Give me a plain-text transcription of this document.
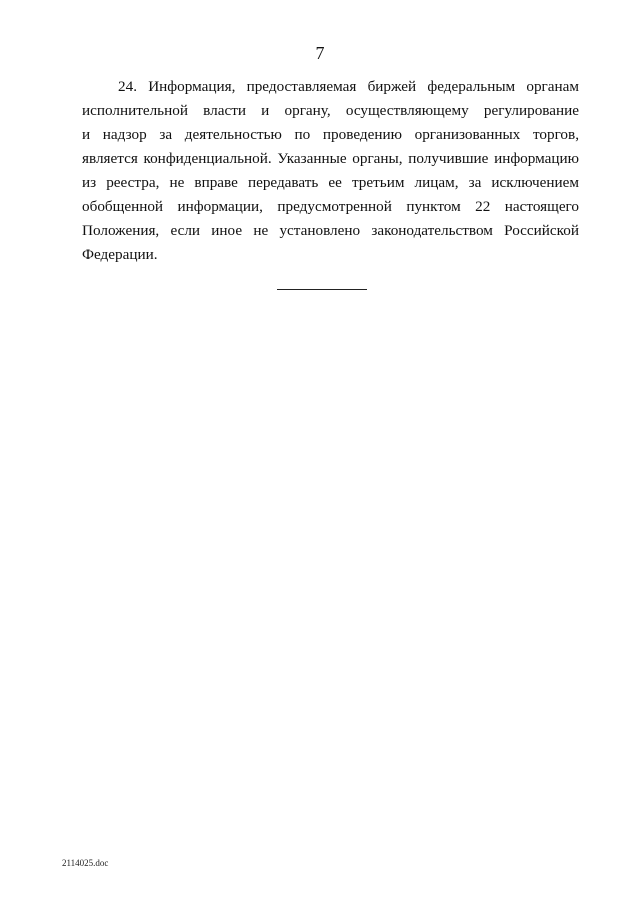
7
24. Информация, предоставляемая биржей федеральным органам
исполнительной власти и органу, осуществляющему регулирование
и надзор за деятельностью по проведению организованных торгов,
является конфиденциальной. Указанные органы, получившие информацию
из реестра, не вправе передавать ее третьим лицам, за исключением
обобщенной информации, предусмотренной пунктом 22 настоящего
Положения, если иное не установлено законодательством Российской
Федерации.
2114025.doc
